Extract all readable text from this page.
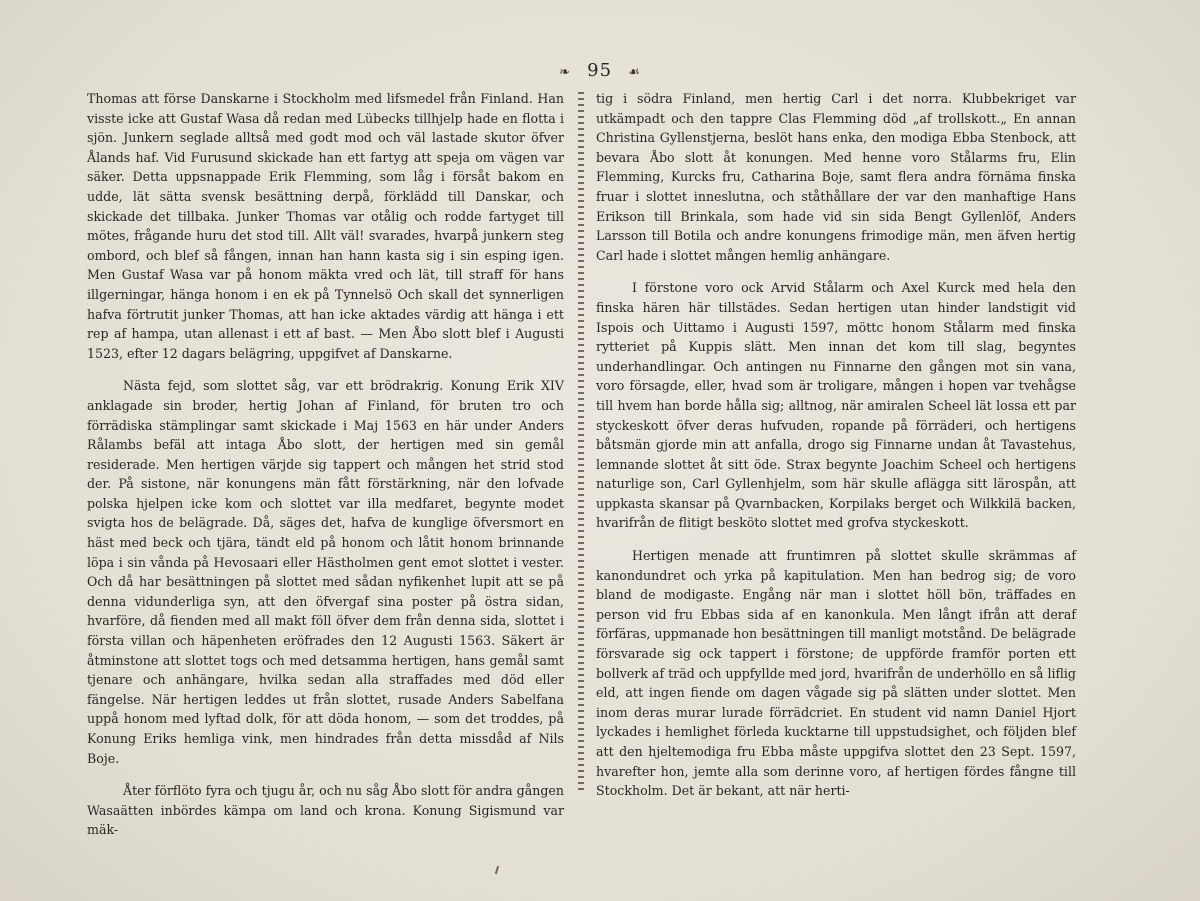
❧ 95 ☙

Thomas att förse Danskarne i Stockholm med lifsmedel från Finland. Han visste icke att Gustaf Wasa då redan med Lübecks tillhjelp hade en flotta i sjön. Junkern seglade alltså med godt mod och väl lastade skutor öfver Ålands haf. Vid Furusund skickade han ett fartyg att speja om vägen var säker. Detta uppsnappade Erik Flemming, som låg i försåt bakom en udde, lät sätta svensk besättning derpå, förklädd till Danskar, och skickade det tillbaka. Junker Thomas var otålig och rodde fartyget till mötes, frågande huru det stod till. Allt väl! svarades, hvarpå junkern steg ombord, och blef så fången, innan han hann kasta sig i sin esping igen. Men Gustaf Wasa var på honom mäkta vred och lät, till straff för hans illgerningar, hänga honom i en ek på Tynnelsö Och skall det synnerligen hafva förtrutit junker Thomas, att han icke aktades värdig att hänga i ett rep af hampa, utan allenast i ett af bast. — Men Åbo slott blef i Augusti 1523, efter 12 dagars belägring, uppgifvet af Danskarne.

Nästa fejd, som slottet såg, var ett brödrakrig. Konung Erik XIV anklagade sin broder, hertig Johan af Finland, för bruten tro och förrädiska stämplingar samt skickade i Maj 1563 en här under Anders Rålambs befäl att intaga Åbo slott, der hertigen med sin gemål residerade. Men hertigen värjde sig tappert och mången het strid stod der. På sistone, när konungens män fått förstärkning, när den lofvade polska hjelpen icke kom och slottet var illa medfaret, begynte modet svigta hos de belägrade. Då, säges det, hafva de kunglige öfversmort en häst med beck och tjära, tändt eld på honom och låtit honom brinnande löpa i sin vånda på Hevosaari eller Hästholmen gent emot slottet i vester. Och då har besättningen på slottet med sådan nyfikenhet lupit att se på denna vidunderliga syn, att den öfvergaf sina poster på östra sidan, hvarföre, då fienden med all makt föll öfver dem från denna sida, slottet i första villan och häpenheten eröfrades den 12 Augusti 1563. Säkert är åtminstone att slottet togs och med detsamma hertigen, hans gemål samt tjenare och anhängare, hvilka sedan alla straffades med död eller fängelse. När hertigen leddes ut från slottet, rusade Anders Sabelfana uppå honom med lyftad dolk, för att döda honom, — som det troddes, på Konung Eriks hemliga vink, men hindrades från detta missdåd af Nils Boje.

Åter förflöto fyra och tjugu år, och nu såg Åbo slott för andra gången Wasaätten inbördes kämpa om land och krona. Konung Sigismund var mäk-

tig i södra Finland, men hertig Carl i det norra. Klubbekriget var utkämpadt och den tappre Clas Flemming död „af trollskott.„ En annan Christina Gyllenstjerna, beslöt hans enka, den modiga Ebba Stenbock, att bevara Åbo slott åt konungen. Med henne voro Stålarms fru, Elin Flemming, Kurcks fru, Catharina Boje, samt flera andra förnäma finska fruar i slottet inneslutna, och ståthållare der var den manhaftige Hans Erikson till Brinkala, som hade vid sin sida Bengt Gyllenlöf, Anders Larsson till Botila och andre konungens frimodige män, men äfven hertig Carl hade i slottet mången hemlig anhängare.

I förstone voro ock Arvid Stålarm och Axel Kurck med hela den finska hären här tillstädes. Sedan hertigen utan hinder landstigit vid Ispois och Uittamo i Augusti 1597, möttc honom Stålarm med finska rytteriet på Kuppis slätt. Men innan det kom till slag, begyntes underhandlingar. Och antingen nu Finnarne den gången mot sin vana, voro försagde, eller, hvad som är troligare, mången i hopen var tvehågse till hvem han borde hålla sig; alltnog, när amiralen Scheel lät lossa ett par styckeskott öfver deras hufvuden, ropande på förräderi, och hertigens båtsmän gjorde min att anfalla, drogo sig Finnarne undan åt Tavastehus, lemnande slottet åt sitt öde. Strax begynte Joachim Scheel och hertigens naturlige son, Carl Gyllenhjelm, som här skulle aflägga sitt lärospån, att uppkasta skansar på Qvarnbacken, Korpilaks berget och Wilkkilä backen, hvarifrån de flitigt besköto slottet med grofva styckeskott.

Hertigen menade att fruntimren på slottet skulle skrämmas af kanondundret och yrka på kapitulation. Men han bedrog sig; de voro bland de modigaste. Engång när man i slottet höll bön, träffades en person vid fru Ebbas sida af en kanonkula. Men långt ifrån att deraf förfäras, uppmanade hon besättningen till manligt motstånd. De belägrade försvarade sig ock tappert i förstone; de uppförde framför porten ett bollverk af träd och uppfyllde med jord, hvarifrån de underhöllo en så liflig eld, att ingen fiende om dagen vågade sig på slätten under slottet. Men inom deras murar lurade förrädcriet. En student vid namn Daniel Hjort lyckades i hemlighet förleda kucktarne till uppstudsighet, och följden blef att den hjeltemodiga fru Ebba måste uppgifva slottet den 23 Sept. 1597, hvarefter hon, jemte alla som derinne voro, af hertigen fördes fångne till Stockholm. Det är bekant, att när herti-
